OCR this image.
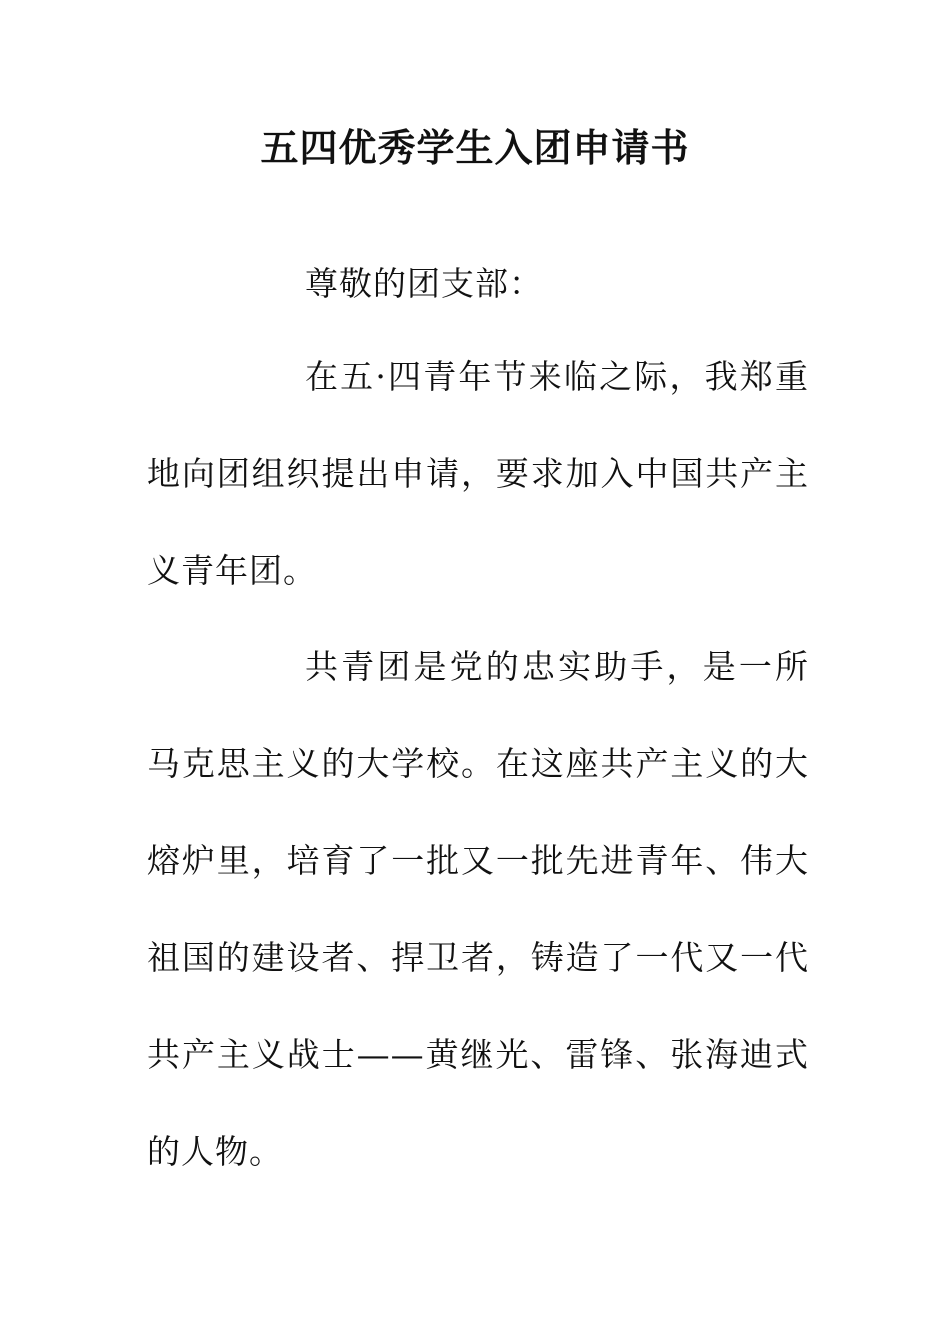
五四优秀学生入团申请书

尊敬的团支部：

在五·四青年节来临之际，我郑重地向团组织提出申请，要求加入中国共产主义青年团。

共青团是党的忠实助手，是一所马克思主义的大学校。在这座共产主义的大熔炉里，培育了一批又一批先进青年、伟大祖国的建设者、捍卫者，铸造了一代又一代共产主义战士——黄继光、雷锋、张海迪式的人物。
